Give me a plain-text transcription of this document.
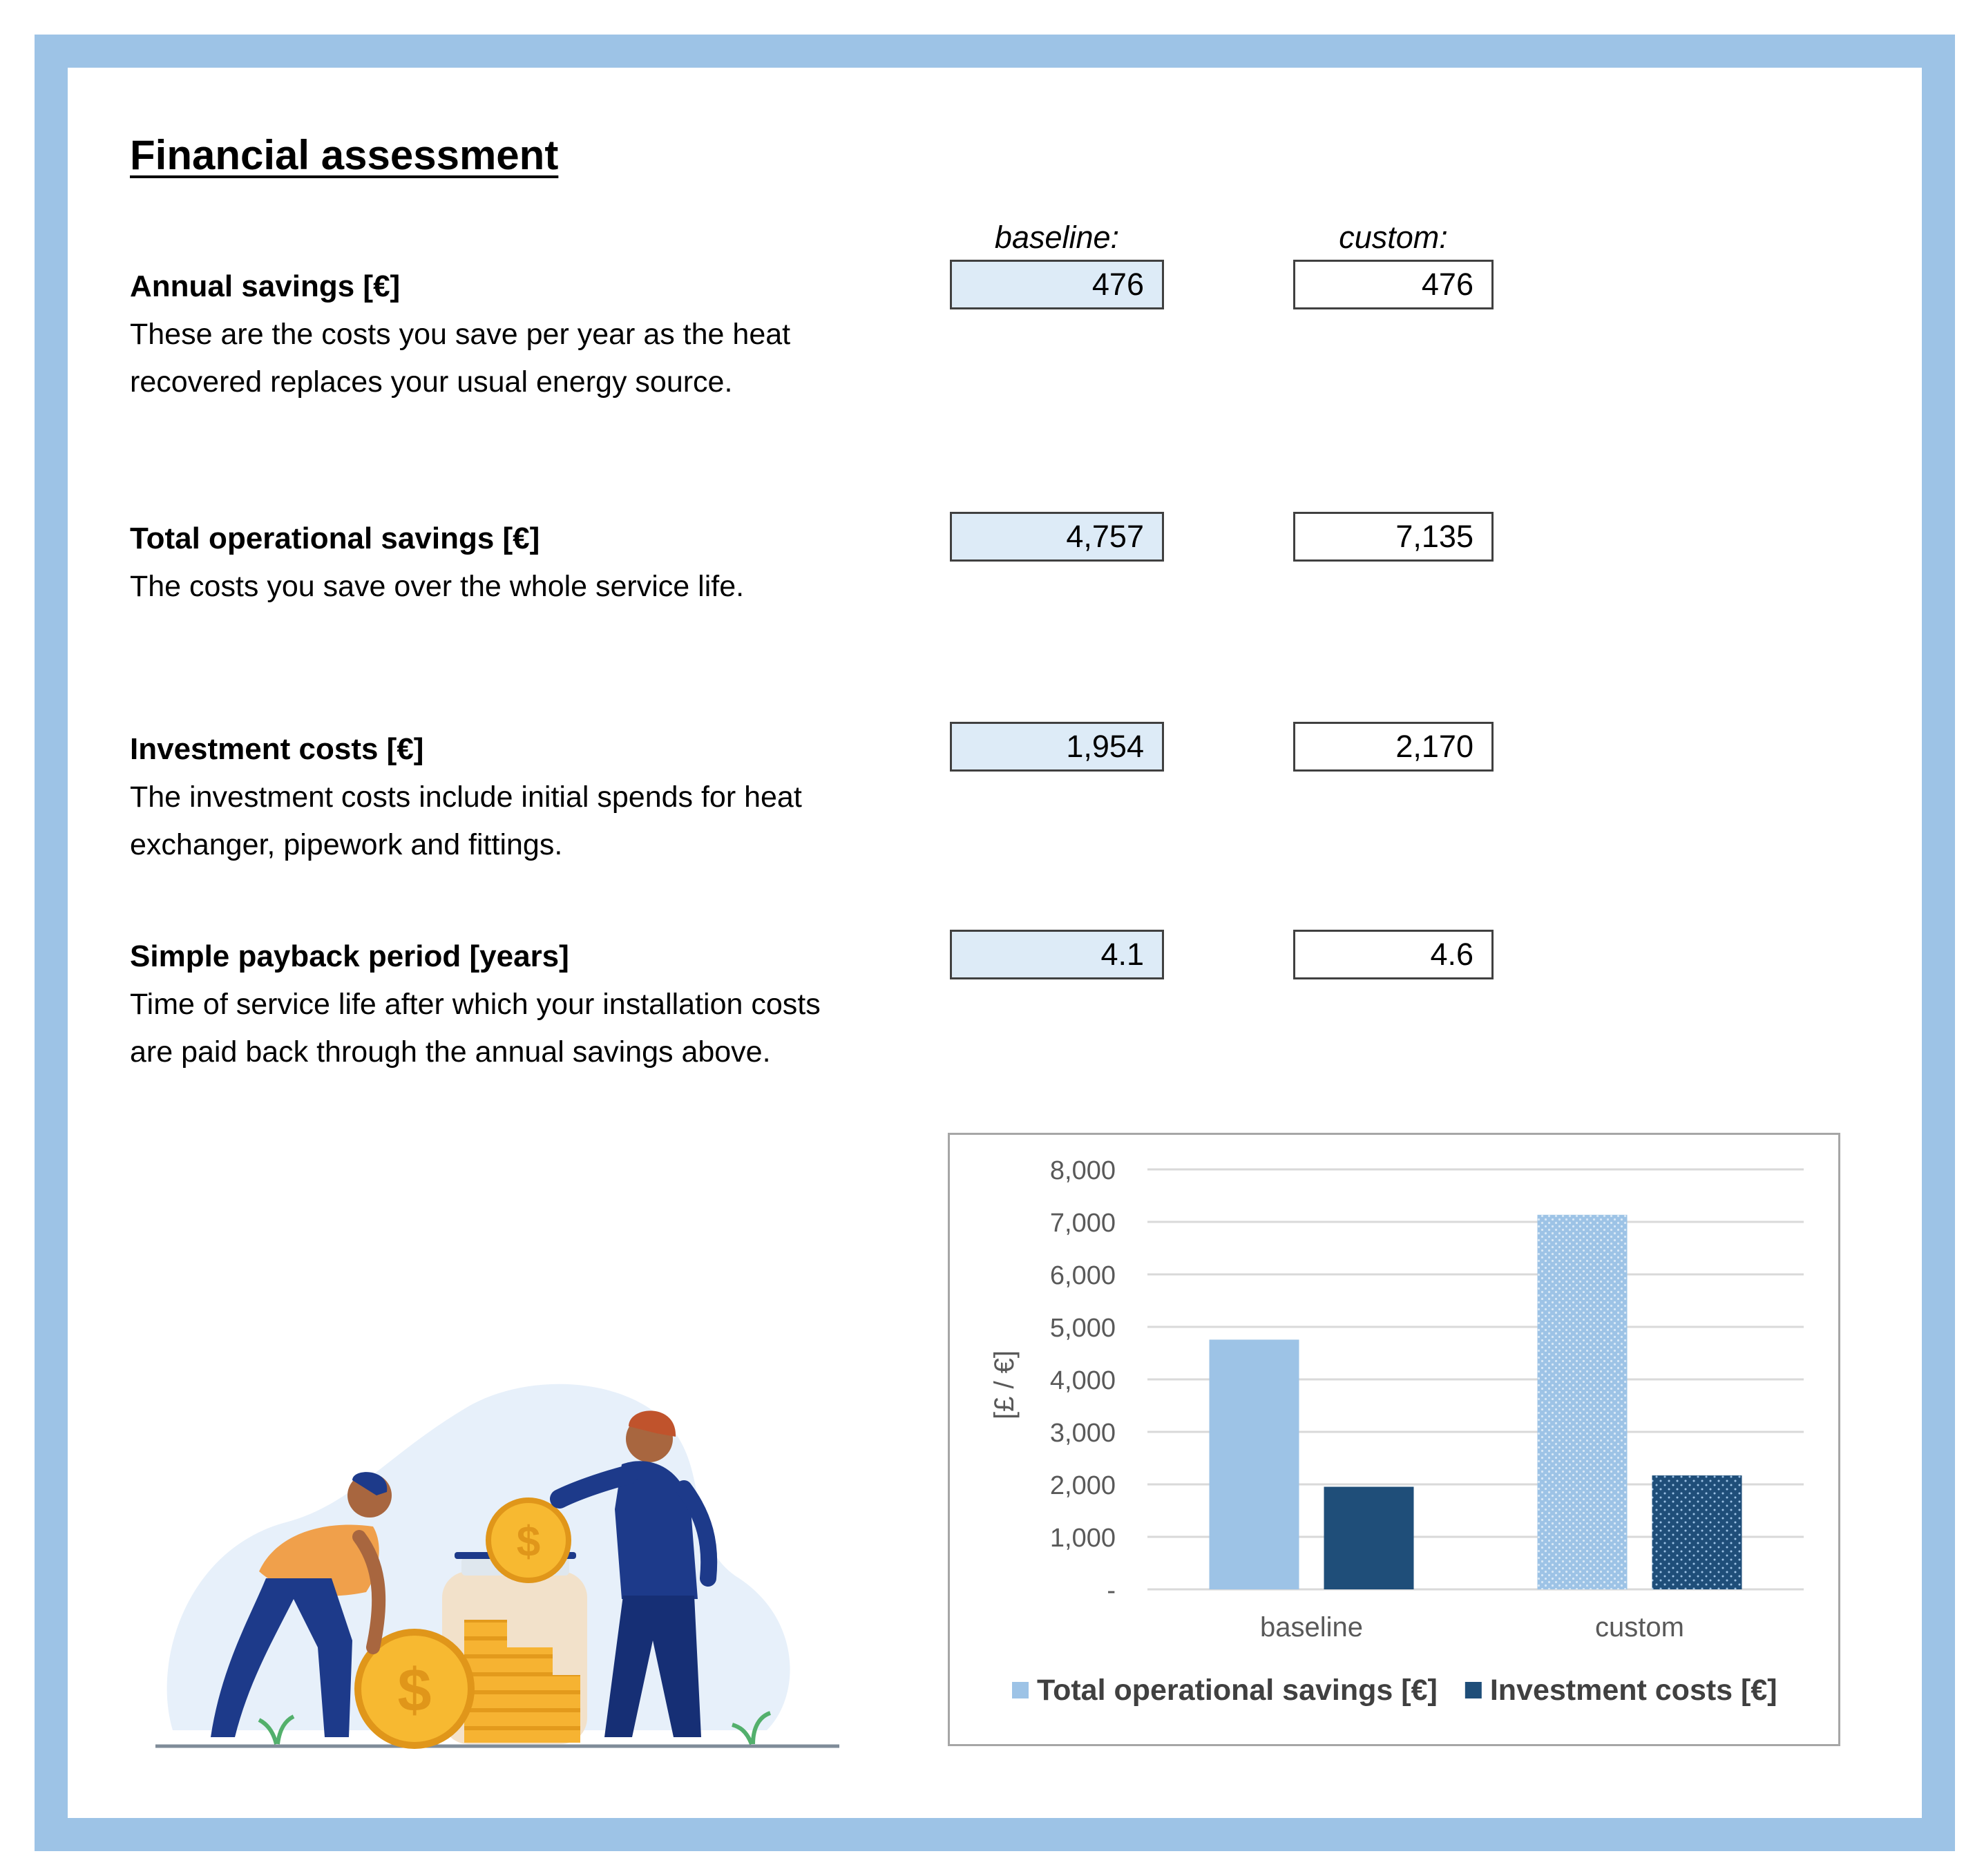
Financial assessment
baseline:	custom:
Annual savings [€]
These are the costs you save per year as the heat recovered replaces your usual energy source.
476	476
Total operational savings [€]
The costs you save over the whole service life.
4,757	7,135
Investment costs [€]
The investment costs include initial spends for heat exchanger, pipework and fittings.
1,954	2,170
Simple payback period [years]
Time of service life after which your installation costs are paid back through the annual savings above.
4.1	4.6
$
$
-
1,000
2,000
3,000
4,000
5,000
6,000
7,000
8,000
baseline	custom
[£ / €]
Total operational savings [€] Investment costs [€]
